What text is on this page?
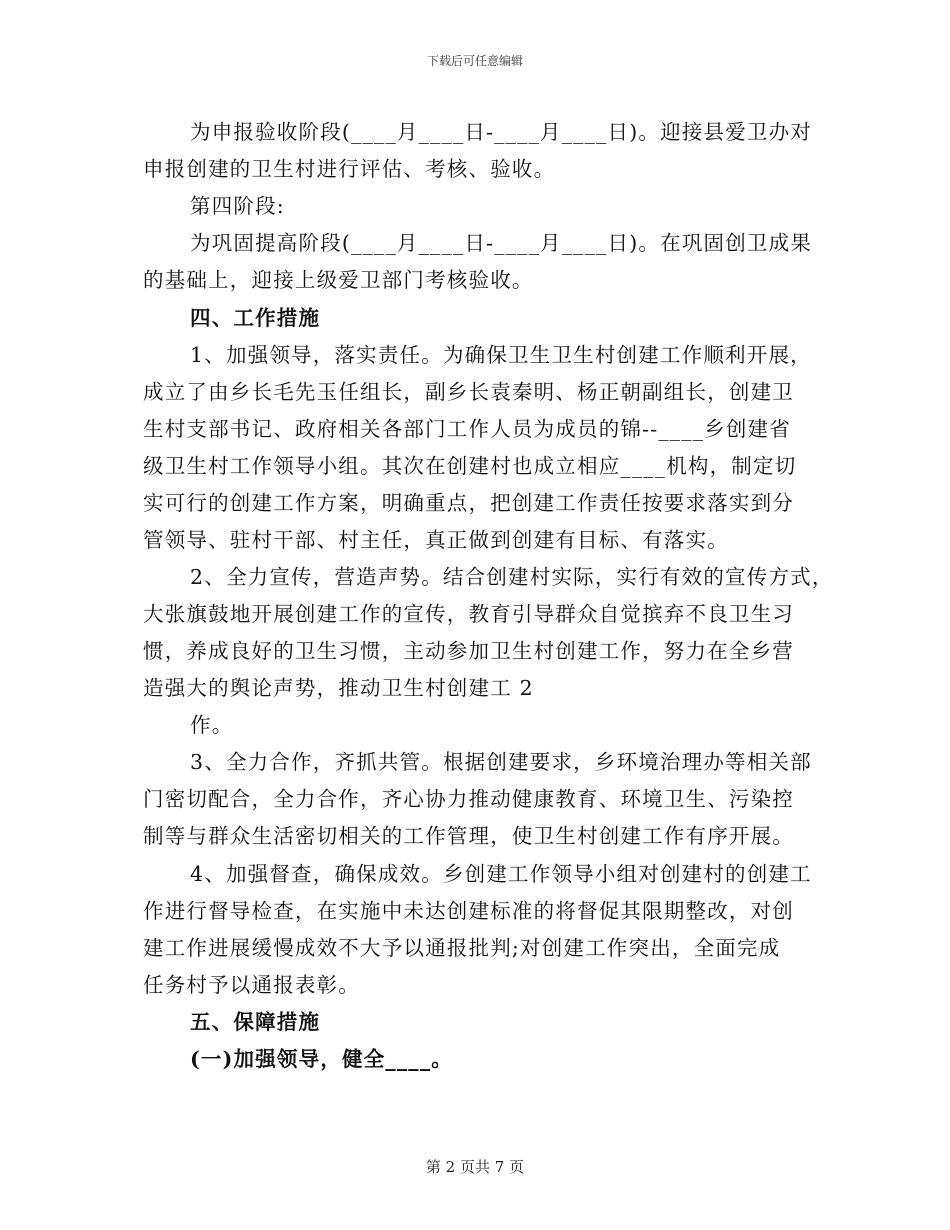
下载后可任意编辑
为申报验收阶段(____月____日-____月____日)。迎接县爱卫办对
申报创建的卫生村进行评估、考核、验收。
第四阶段:
为巩固提高阶段(____月____日-____月____日)。在巩固创卫成果
的基础上，迎接上级爱卫部门考核验收。
四、工作措施
1、加强领导，落实责任。为确保卫生卫生村创建工作顺利开展，
成立了由乡长毛先玉任组长，副乡长袁秦明、杨正朝副组长，创建卫
生村支部书记、政府相关各部门工作人员为成员的锦--____乡创建省
级卫生村工作领导小组。其次在创建村也成立相应____机构，制定切
实可行的创建工作方案，明确重点，把创建工作责任按要求落实到分
管领导、驻村干部、村主任，真正做到创建有目标、有落实。
2、全力宣传，营造声势。结合创建村实际，实行有效的宣传方式，
大张旗鼓地开展创建工作的宣传，教育引导群众自觉摈弃不良卫生习
惯，养成良好的卫生习惯，主动参加卫生村创建工作，努力在全乡营
造强大的舆论声势，推动卫生村创建工 2
作。
3、全力合作，齐抓共管。根据创建要求，乡环境治理办等相关部
门密切配合，全力合作，齐心协力推动健康教育、环境卫生、污染控
制等与群众生活密切相关的工作管理，使卫生村创建工作有序开展。
4、加强督查，确保成效。乡创建工作领导小组对创建村的创建工
作进行督导检查，在实施中未达创建标准的将督促其限期整改，对创
建工作进展缓慢成效不大予以通报批判;对创建工作突出，全面完成
任务村予以通报表彰。
五、保障措施
(一)加强领导，健全____。
第 2 页共 7 页
